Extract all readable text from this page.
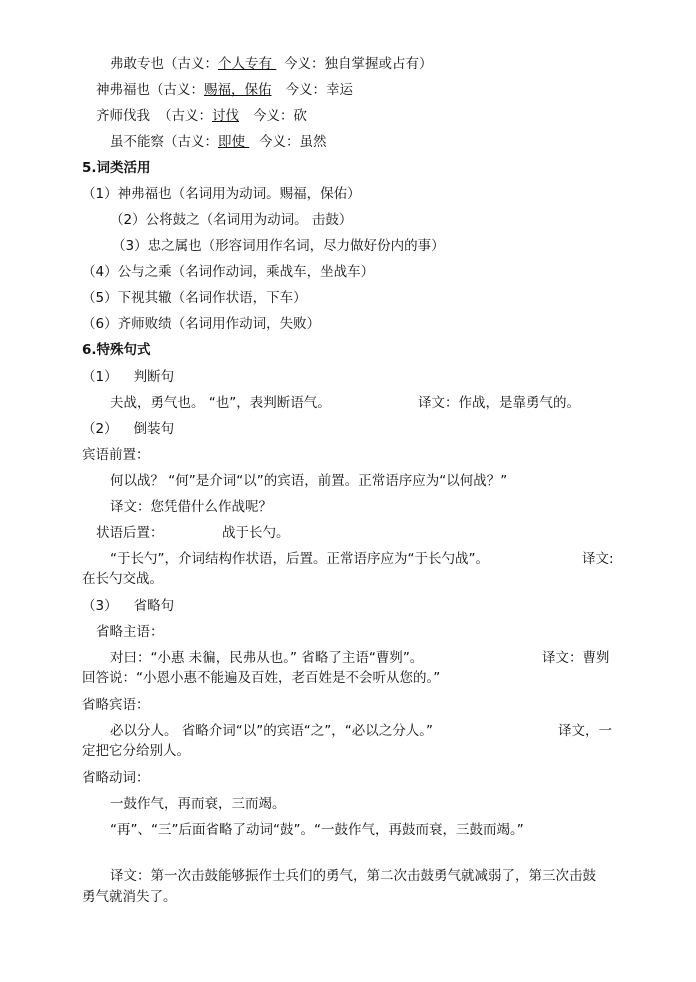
弗敢专也（古义：个人专有 今义：独自掌握或占有）
神弗福也（古义：赐福，保佑 今义：幸运
齐师伐我 （古义：讨伐 今义：砍
虽不能察（古义：即使 今义：虽然
5.词类活用
（1）神弗福也（名词用为动词。赐福，保佑）
（2）公将鼓之（名词用为动词。 击鼓）
（3）忠之属也（形容词用作名词，尽力做好份内的事）
（4）公与之乘（名词作动词，乘战车，坐战车）
（5）下视其辙（名词作状语，下车）
（6）齐师败绩（名词用作动词，失败）
6.特殊句式
（1） 判断句
夫战，勇气也。 “也”，表判断语气。	译文：作战，是靠勇气的。
（2） 倒装句
宾语前置：
何以战？ “何”是介词“以”的宾语，前置。正常语序应为“以何战？”
译文：您凭借什么作战呢？
状语后置：	战于长勺。
“于长勺”，介词结构作状语，后置。正常语序应为“于长勺战”。	译文:
在长勺交战。
（3） 省略句
省略主语：
对曰：“小惠 未徧，民弗从也。” 省略了主语“曹刿”。	译文：曹刿
回答说：“小恩小惠不能遍及百姓，老百姓是不会听从您的。”
省略宾语：
必以分人。 省略介词“以”的宾语“之”，“必以之分人。”	译文，一
定把它分给别人。
省略动词：
一鼓作气，再而衰，三而竭。
“再”、“三”后面省略了动词“鼓”。“一鼓作气，再鼓而衰，三鼓而竭。”
译文：第一次击鼓能够振作士兵们的勇气，第二次击鼓勇气就减弱了，第三次击鼓
勇气就消失了。
